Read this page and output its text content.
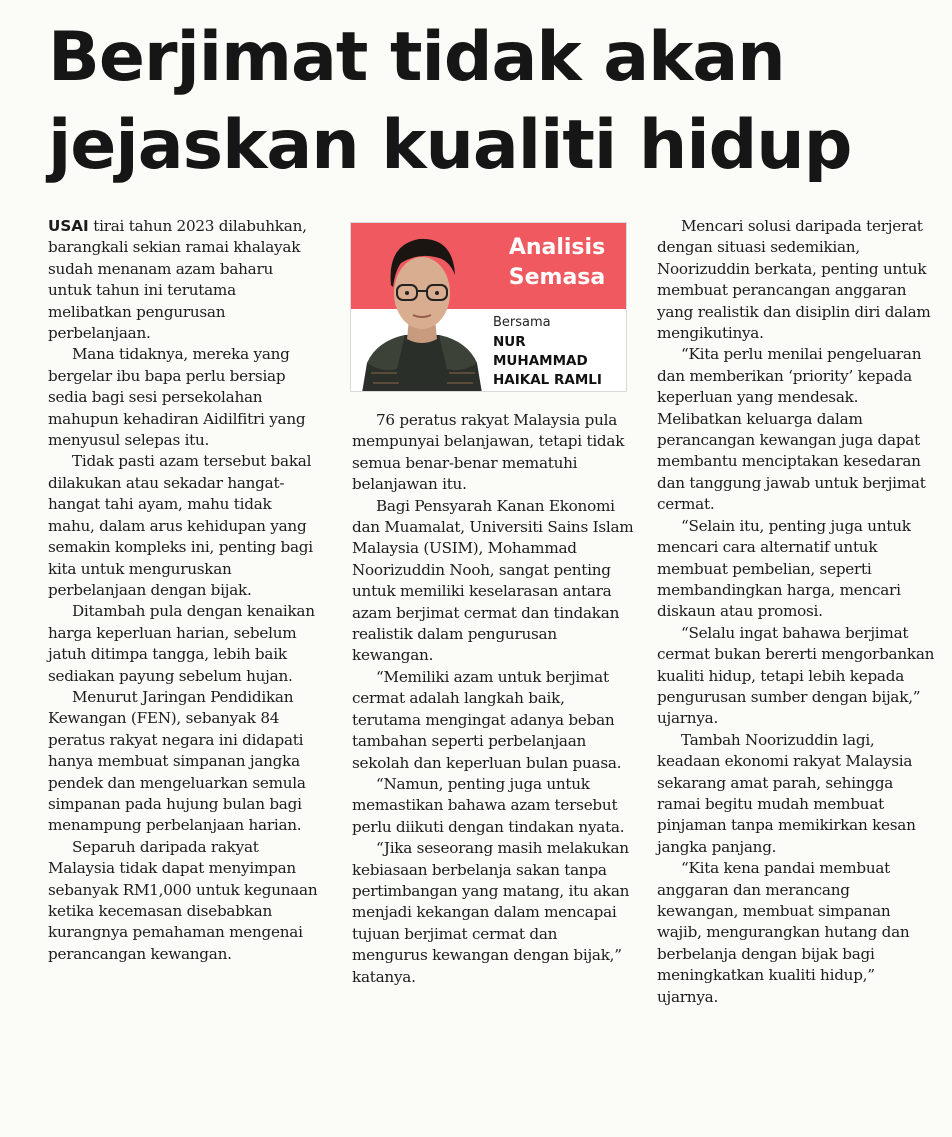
Berjimat tidak akan
jejaskan kualiti hidup

USAI tirai tahun 2023 dilabuhkan, barangkali sekian ramai khalayak sudah menanam azam baharu untuk tahun ini terutama melibatkan pengurusan perbelanjaan.

Mana tidaknya, mereka yang bergelar ibu bapa perlu bersiap sedia bagi sesi persekolahan mahupun kehadiran Aidilfitri yang menyusul selepas itu.

Tidak pasti azam tersebut bakal dilakukan atau sekadar hangat-hangat tahi ayam, mahu tidak mahu, dalam arus kehidupan yang semakin kompleks ini, penting bagi kita untuk menguruskan perbelanjaan dengan bijak.

Ditambah pula dengan kenaikan harga keperluan harian, sebelum jatuh ditimpa tangga, lebih baik sediakan payung sebelum hujan.

Menurut Jaringan Pendidikan Kewangan (FEN), sebanyak 84 peratus rakyat negara ini didapati hanya membuat simpanan jangka pendek dan mengeluarkan semula simpanan pada hujung bulan bagi menampung perbelanjaan harian.

Separuh daripada rakyat Malaysia tidak dapat menyimpan sebanyak RM1,000 untuk kegunaan ketika kecemasan disebabkan kurangnya pemahaman mengenai perancangan kewangan.

Analisis
Semasa
Bersama
NUR
MUHAMMAD
HAIKAL RAMLI

76 peratus rakyat Malaysia pula mempunyai belanjawan, tetapi tidak semua benar-benar mematuhi belanjawan itu.

Bagi Pensyarah Kanan Ekonomi dan Muamalat, Universiti Sains Islam Malaysia (USIM), Mohammad Noorizuddin Nooh, sangat penting untuk memiliki keselarasan antara azam berjimat cermat dan tindakan realistik dalam pengurusan kewangan.

“Memiliki azam untuk berjimat cermat adalah langkah baik, terutama mengingat adanya beban tambahan seperti perbelanjaan sekolah dan keperluan bulan puasa.

“Namun, penting juga untuk memastikan bahawa azam tersebut perlu diikuti dengan tindakan nyata.

“Jika seseorang masih melakukan kebiasaan berbelanja sakan tanpa pertimbangan yang matang, itu akan menjadi kekangan dalam mencapai tujuan berjimat cermat dan mengurus kewangan dengan bijak,” katanya.

Mencari solusi daripada terjerat dengan situasi sedemikian, Noorizuddin berkata, penting untuk membuat perancangan anggaran yang realistik dan disiplin diri dalam mengikutinya.

“Kita perlu menilai pengeluaran dan memberikan ‘priority’ kepada keperluan yang mendesak. Melibatkan keluarga dalam perancangan kewangan juga dapat membantu menciptakan kesedaran dan tanggung jawab untuk berjimat cermat.

“Selain itu, penting juga untuk mencari cara alternatif untuk membuat pembelian, seperti membandingkan harga, mencari diskaun atau promosi.

“Selalu ingat bahawa berjimat cermat bukan bererti mengorbankan kualiti hidup, tetapi lebih kepada pengurusan sumber dengan bijak,” ujarnya.

Tambah Noorizuddin lagi, keadaan ekonomi rakyat Malaysia sekarang amat parah, sehingga ramai begitu mudah membuat pinjaman tanpa memikirkan kesan jangka panjang.

“Kita kena pandai membuat anggaran dan merancang kewangan, membuat simpanan wajib, mengurangkan hutang dan berbelanja dengan bijak bagi meningkatkan kualiti hidup,” ujarnya.
